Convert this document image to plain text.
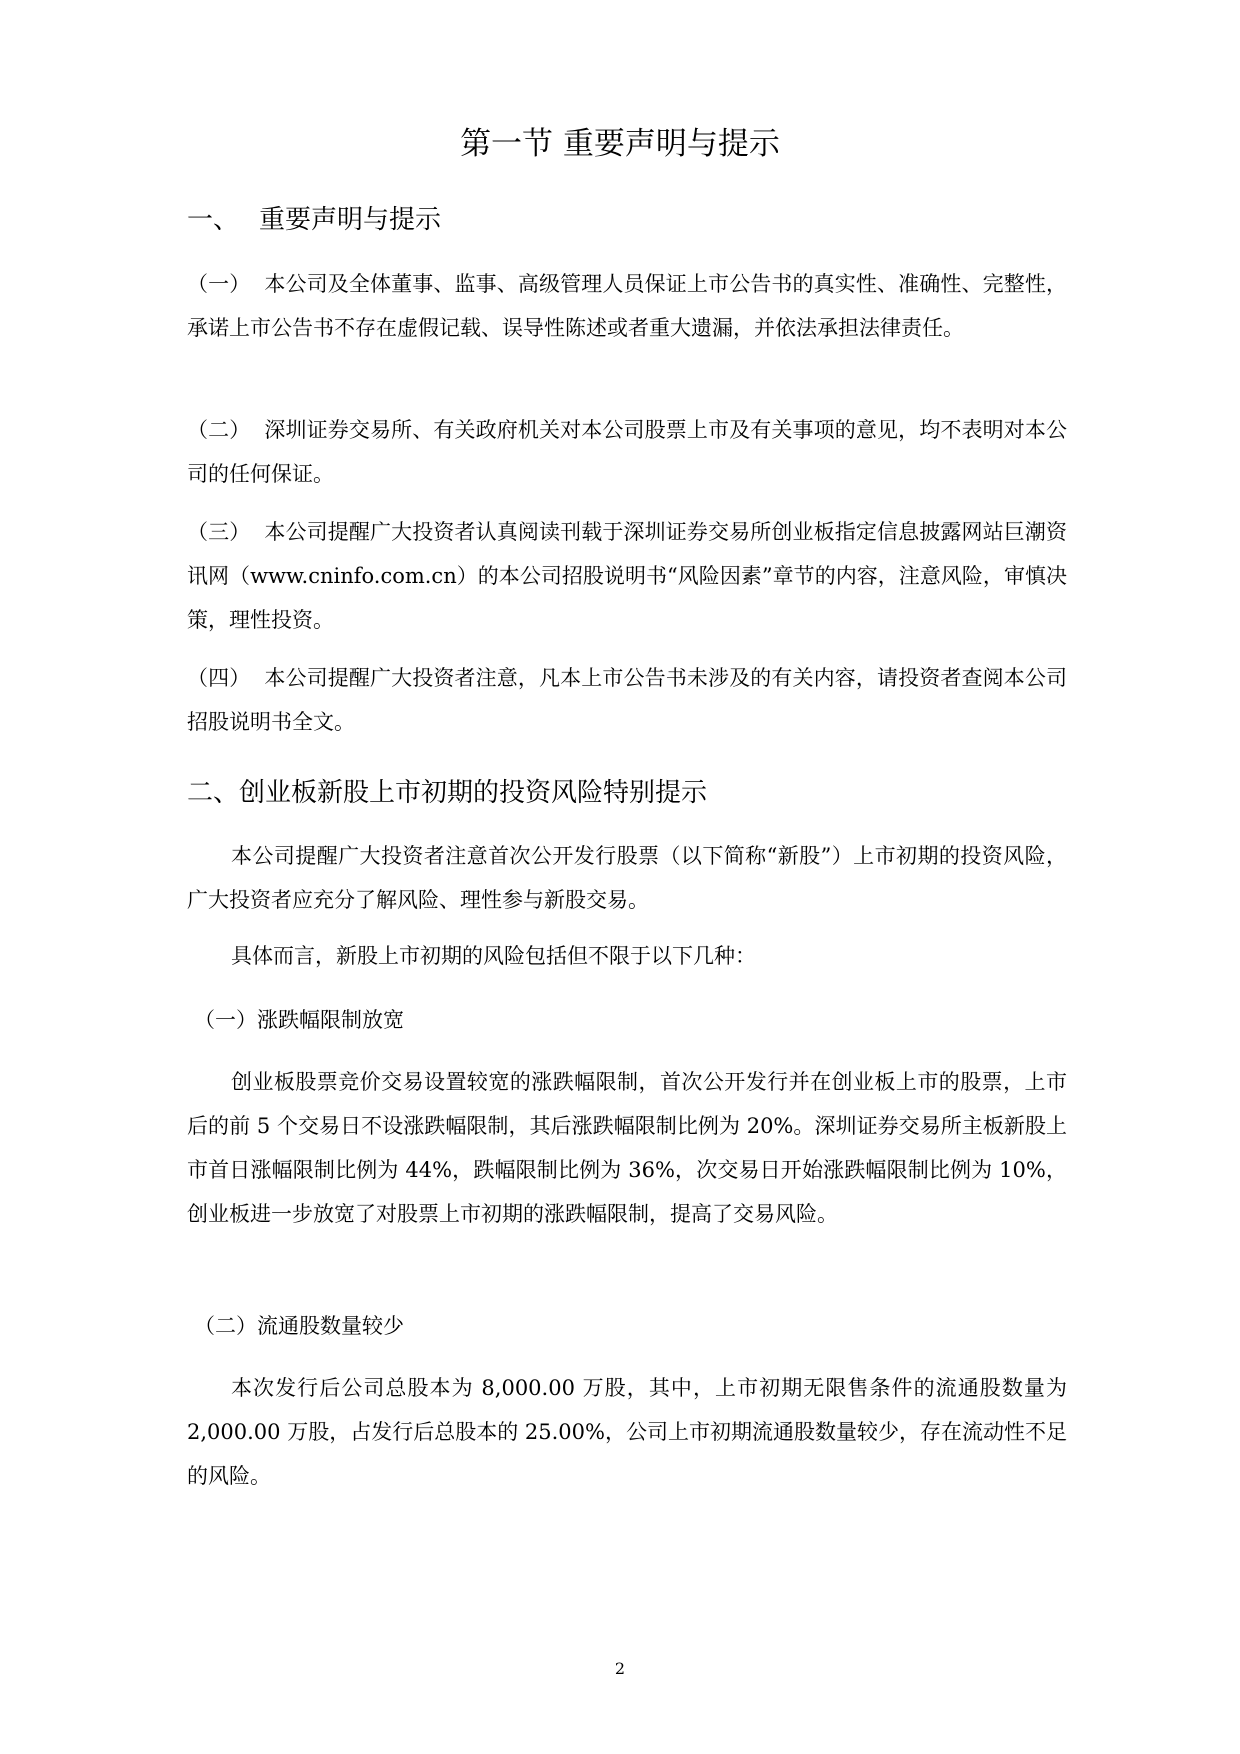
第一节 重要声明与提示
一、 重要声明与提示

（一） 本公司及全体董事、监事、高级管理人员保证上市公告书的真实性、准确性、完整性，承诺上市公告书不存在虚假记载、误导性陈述或者重大遗漏，并依法承担法律责任。

（二） 深圳证券交易所、有关政府机关对本公司股票上市及有关事项的意见，均不表明对本公司的任何保证。

（三） 本公司提醒广大投资者认真阅读刊载于深圳证券交易所创业板指定信息披露网站巨潮资讯网（www.cninfo.com.cn）的本公司招股说明书“风险因素”章节的内容，注意风险，审慎决策，理性投资。

（四） 本公司提醒广大投资者注意，凡本上市公告书未涉及的有关内容，请投资者查阅本公司招股说明书全文。

二、创业板新股上市初期的投资风险特别提示

本公司提醒广大投资者注意首次公开发行股票（以下简称“新股”）上市初期的投资风险，广大投资者应充分了解风险、理性参与新股交易。

具体而言，新股上市初期的风险包括但不限于以下几种：

（一）涨跌幅限制放宽

创业板股票竞价交易设置较宽的涨跌幅限制，首次公开发行并在创业板上市的股票，上市后的前 5 个交易日不设涨跌幅限制，其后涨跌幅限制比例为 20%。深圳证券交易所主板新股上市首日涨幅限制比例为 44%，跌幅限制比例为 36%，次交易日开始涨跌幅限制比例为 10%，创业板进一步放宽了对股票上市初期的涨跌幅限制，提高了交易风险。

（二）流通股数量较少

本次发行后公司总股本为 8,000.00 万股，其中，上市初期无限售条件的流通股数量为 2,000.00 万股，占发行后总股本的 25.00%，公司上市初期流通股数量较少，存在流动性不足的风险。

2
